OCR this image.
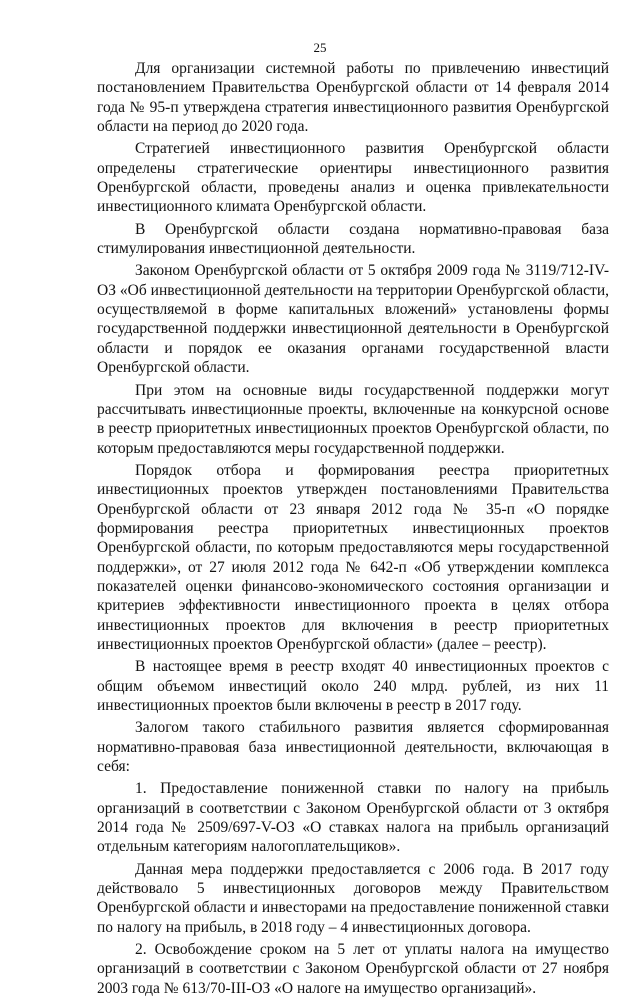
25

Для организации системной работы по привлечению инвестиций постановлением Правительства Оренбургской области от 14 февраля 2014 года № 95-п утверждена стратегия инвестиционного развития Оренбургской области на период до 2020 года.

Стратегией инвестиционного развития Оренбургской области определены стратегические ориентиры инвестиционного развития Оренбургской области, проведены анализ и оценка привлекательности инвестиционного климата Оренбургской области.

В Оренбургской области создана нормативно-правовая база стимулирования инвестиционной деятельности.

Законом Оренбургской области от 5 октября 2009 года № 3119/712-IV-ОЗ «Об инвестиционной деятельности на территории Оренбургской области, осуществляемой в форме капитальных вложений» установлены формы государственной поддержки инвестиционной деятельности в Оренбургской области и порядок ее оказания органами государственной власти Оренбургской области.

При этом на основные виды государственной поддержки могут рассчитывать инвестиционные проекты, включенные на конкурсной основе в реестр приоритетных инвестиционных проектов Оренбургской области, по которым предоставляются меры государственной поддержки.

Порядок отбора и формирования реестра приоритетных инвестиционных проектов утвержден постановлениями Правительства Оренбургской области от 23 января 2012 года № 35-п «О порядке формирования реестра приоритетных инвестиционных проектов Оренбургской области, по которым предоставляются меры государственной поддержки», от 27 июля 2012 года № 642-п «Об утверждении комплекса показателей оценки финансово-экономического состояния организации и критериев эффективности инвестиционного проекта в целях отбора инвестиционных проектов для включения в реестр приоритетных инвестиционных проектов Оренбургской области» (далее – реестр).

В настоящее время в реестр входят 40 инвестиционных проектов с общим объемом инвестиций около 240 млрд. рублей, из них 11 инвестиционных проектов были включены в реестр в 2017 году.

Залогом такого стабильного развития является сформированная нормативно-правовая база инвестиционной деятельности, включающая в себя:

1. Предоставление пониженной ставки по налогу на прибыль организаций в соответствии с Законом Оренбургской области от 3 октября 2014 года № 2509/697-V-ОЗ «О ставках налога на прибыль организаций отдельным категориям налогоплательщиков».

Данная мера поддержки предоставляется с 2006 года. В 2017 году действовало 5 инвестиционных договоров между Правительством Оренбургской области и инвесторами на предоставление пониженной ставки по налогу на прибыль, в 2018 году – 4 инвестиционных договора.

2. Освобождение сроком на 5 лет от уплаты налога на имущество организаций в соответствии с Законом Оренбургской области от 27 ноября 2003 года № 613/70-III-ОЗ «О налоге на имущество организаций».
